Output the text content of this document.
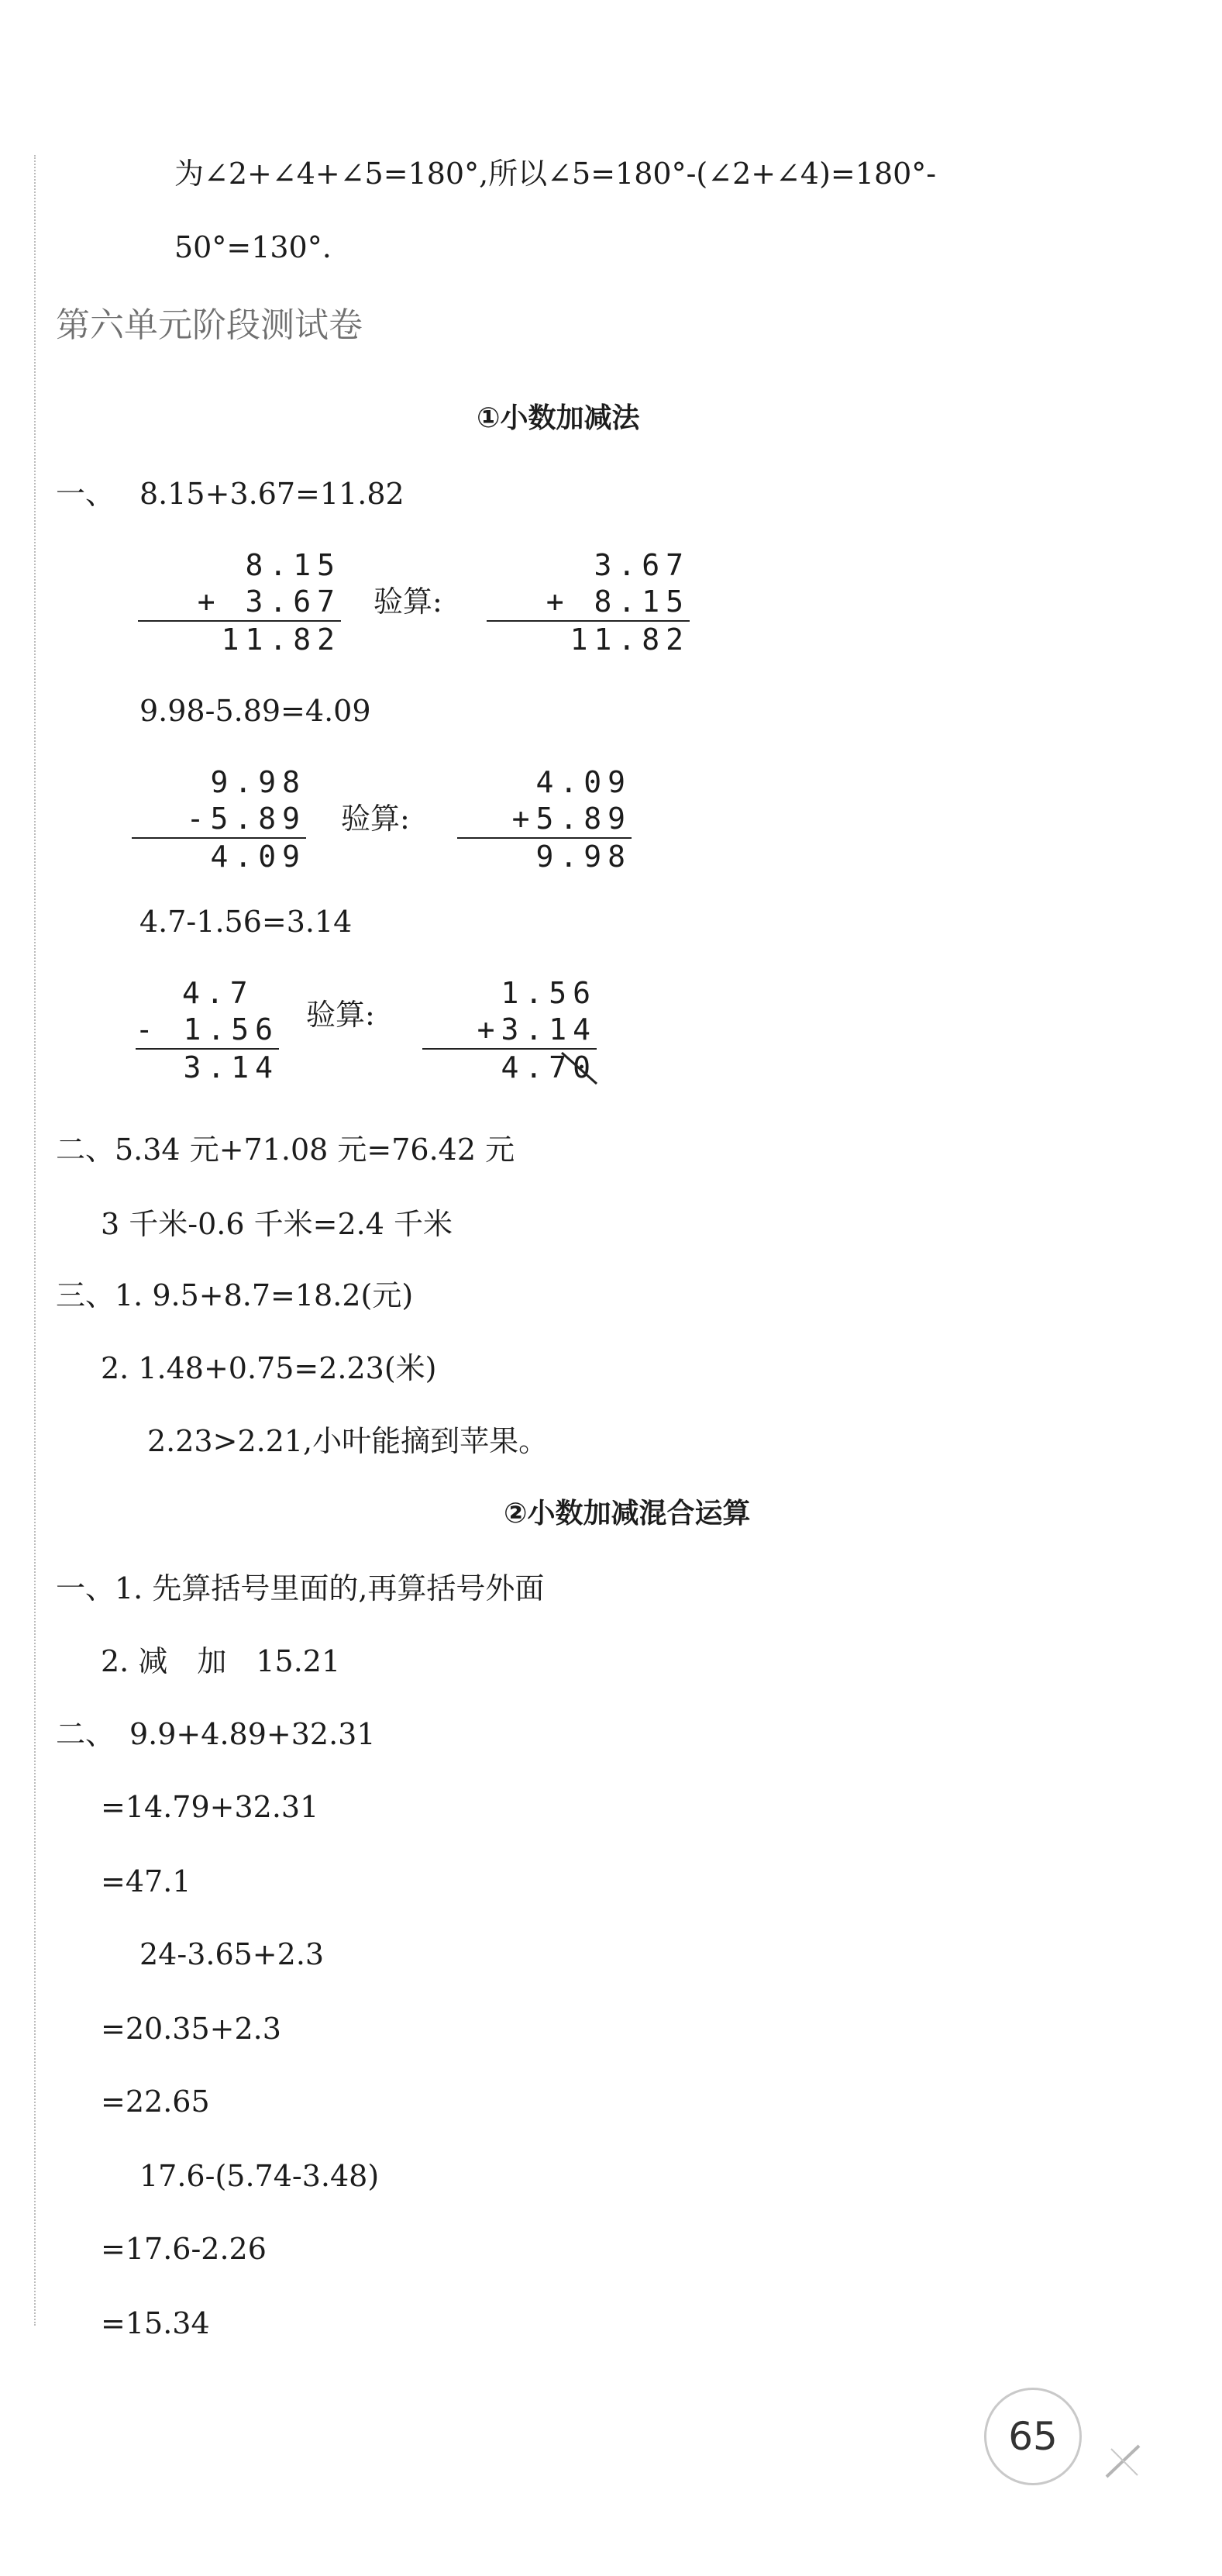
为∠2+∠4+∠5=180°,所以∠5=180°-(∠2+∠4)=180°-
50°=130°.
第六单元阶段测试卷
①小数加减法
一、 8.15+3.67=11.82
8.15
+ 3.67
11.82
验算:
3.67
+ 8.15
11.82
9.98-5.89=4.09
9.98
-5.89
4.09
验算:
4.09
+5.89
9.98
4.7-1.56=3.14
4.7
- 1.56
3.14
验算:
1.56
+3.14
4.70
二、5.34 元+71.08 元=76.42 元
3 千米-0.6 千米=2.4 千米
三、1. 9.5+8.7=18.2(元)
2. 1.48+0.75=2.23(米)
2.23>2.21,小叶能摘到苹果。
②小数加减混合运算
一、1. 先算括号里面的,再算括号外面
2. 减　加　15.21
二、　9.9+4.89+32.31
=14.79+32.31
=47.1
24-3.65+2.3
=20.35+2.3
=22.65
17.6-(5.74-3.48)
=17.6-2.26
=15.34
65
